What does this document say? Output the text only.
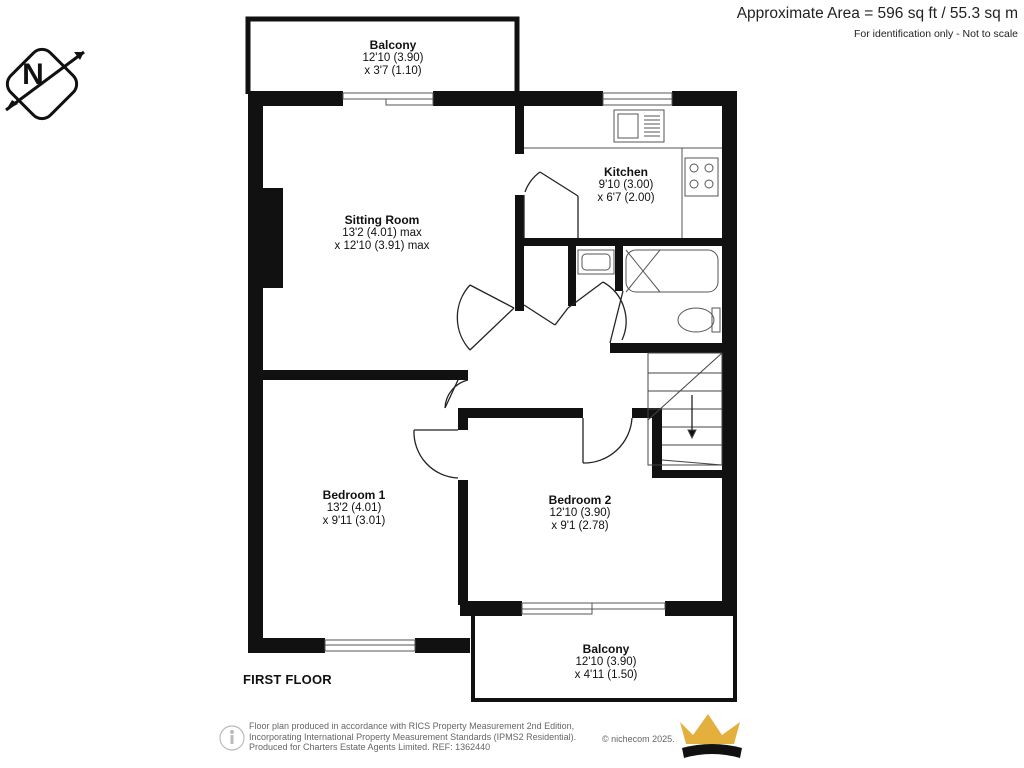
Approximate Area = 596 sq ft / 55.3 sq m
For identification only - Not to scale
N
Balcony
12'10 (3.90)
x 3'7 (1.10)
Kitchen
9'10 (3.00)
x 6'7 (2.00)
Sitting Room
13'2 (4.01) max
x 12'10 (3.91) max
Bedroom 1
13'2 (4.01)
x 9'11 (3.01)
Bedroom 2
12'10 (3.90)
x 9'1 (2.78)
Balcony
12'10 (3.90)
x 4'11 (1.50)
FIRST FLOOR
Floor plan produced in accordance with RICS Property Measurement 2nd Edition,
Incorporating International Property Measurement Standards (IPMS2 Residential).
Produced for Charters Estate Agents Limited. REF: 1362440
© nichecom 2025.
